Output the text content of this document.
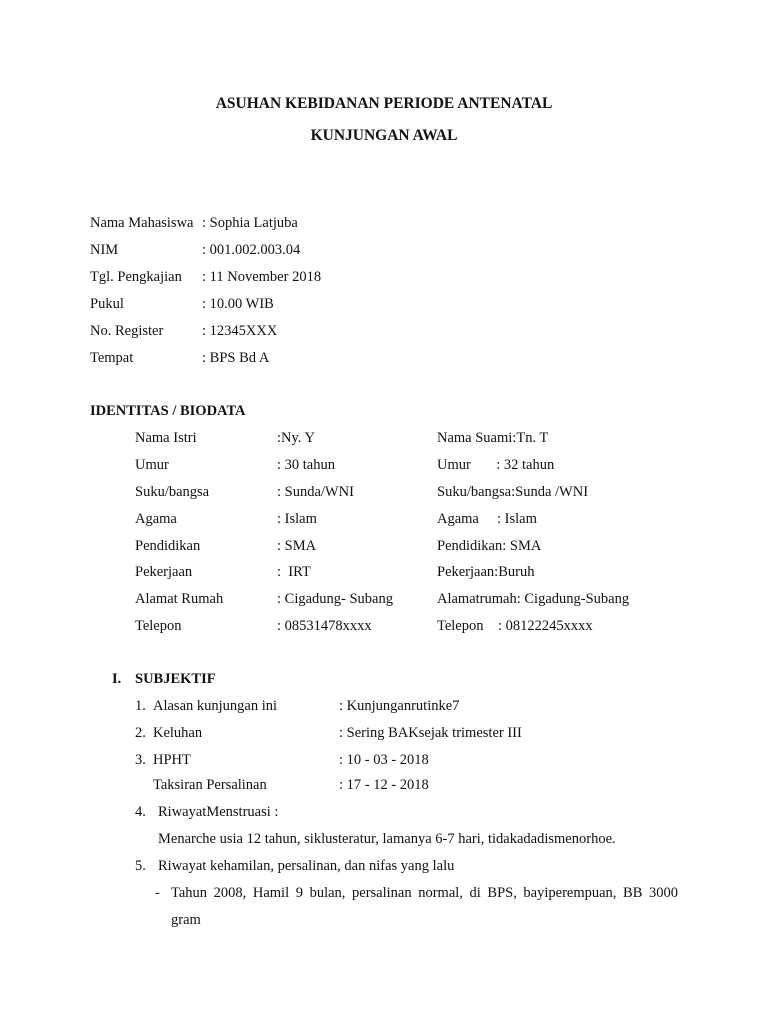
ASUHAN KEBIDANAN PERIODE ANTENATAL
KUNJUNGAN AWAL
Nama Mahasiswa : Sophia Latjuba
NIM	: 001.002.003.04
Tgl. Pengkajian : 11 November 2018
Pukul	: 10.00 WIB
No. Register	: 12345XXX
Tempat	: BPS Bd A
IDENTITAS / BIODATA
Nama Istri	:Ny. Y	Nama Suami:Tn. T
Umur	: 30 tahun	Umur       : 32 tahun
Suku/bangsa	: Sunda/WNI	Suku/bangsa:Sunda /WNI
Agama	: Islam	Agama     : Islam
Pendidikan	: SMA	Pendidikan: SMA
Pekerjaan	:  IRT	Pekerjaan:Buruh
Alamat Rumah	: Cigadung- Subang	Alamatrumah: Cigadung-Subang
Telepon	: 08531478xxxx	Telepon    : 08122245xxxx
I. SUBJEKTIF
1. Alasan kunjungan ini	: Kunjunganrutinke7
2. Keluhan	: Sering BAKsejak trimester III
3. HPHT	: 10 - 03 - 2018
Taksiran Persalinan	: 17 - 12 - 2018
4. RiwayatMenstruasi :
Menarche usia 12 tahun, siklusteratur, lamanya 6-7 hari, tidakadadismenorhoe.
5. Riwayat kehamilan, persalinan, dan nifas yang lalu
- Tahun 2008, Hamil 9 bulan, persalinan normal, di BPS, bayiperempuan, BB 3000
gram
